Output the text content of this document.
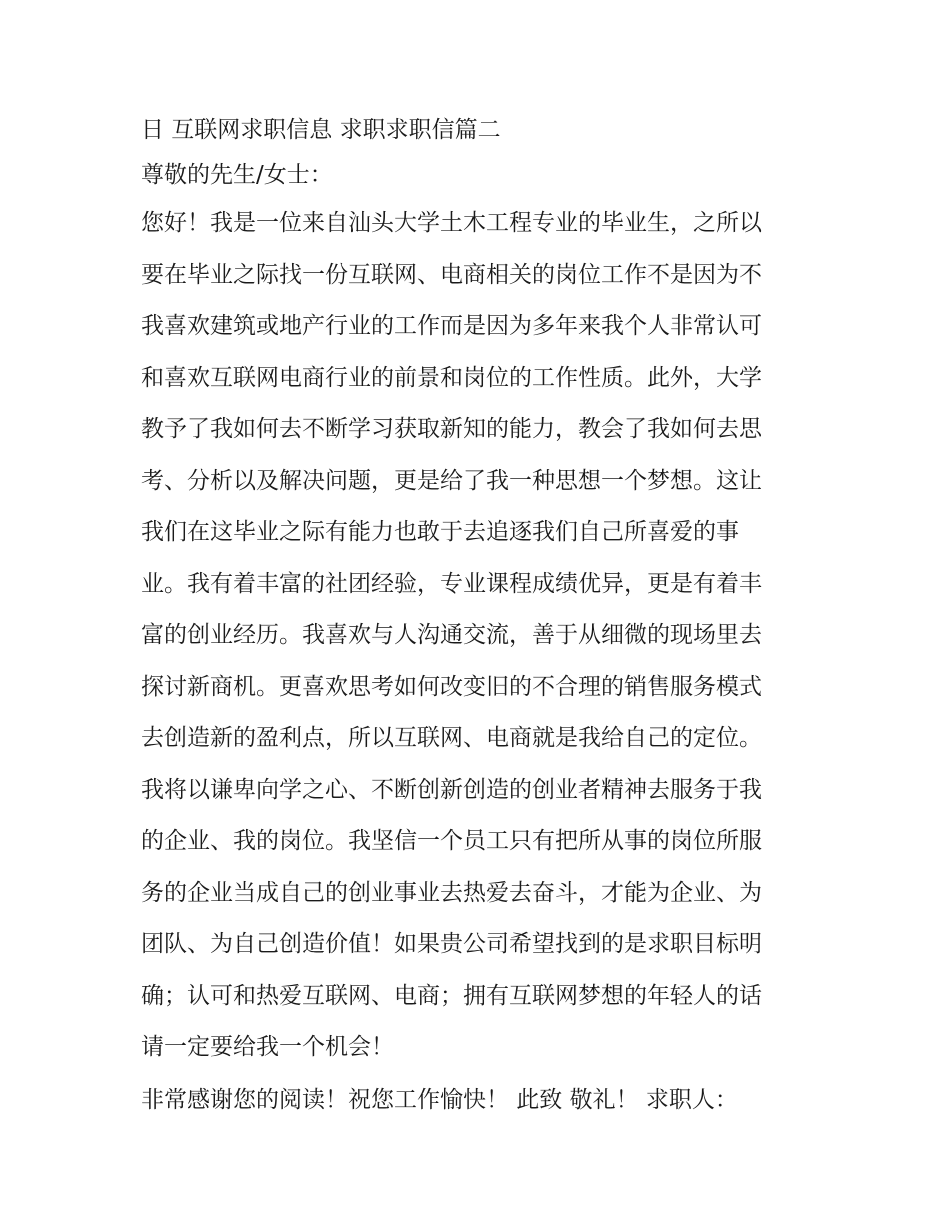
日 互联网求职信息 求职求职信篇二
尊敬的先生/女士：
您好！我是一位来自汕头大学土木工程专业的毕业生，之所以
要在毕业之际找一份互联网、电商相关的岗位工作不是因为不
我喜欢建筑或地产行业的工作而是因为多年来我个人非常认可
和喜欢互联网电商行业的前景和岗位的工作性质。此外，大学
教予了我如何去不断学习获取新知的能力，教会了我如何去思
考、分析以及解决问题，更是给了我一种思想一个梦想。这让
我们在这毕业之际有能力也敢于去追逐我们自己所喜爱的事
业。我有着丰富的社团经验，专业课程成绩优异，更是有着丰
富的创业经历。我喜欢与人沟通交流，善于从细微的现场里去
探讨新商机。更喜欢思考如何改变旧的不合理的销售服务模式
去创造新的盈利点，所以互联网、电商就是我给自己的定位。
我将以谦卑向学之心、不断创新创造的创业者精神去服务于我
的企业、我的岗位。我坚信一个员工只有把所从事的岗位所服
务的企业当成自己的创业事业去热爱去奋斗，才能为企业、为
团队、为自己创造价值！如果贵公司希望找到的是求职目标明
确；认可和热爱互联网、电商；拥有互联网梦想的年轻人的话
请一定要给我一个机会！
非常感谢您的阅读！祝您工作愉快！ 此致 敬礼！ 求职人：
